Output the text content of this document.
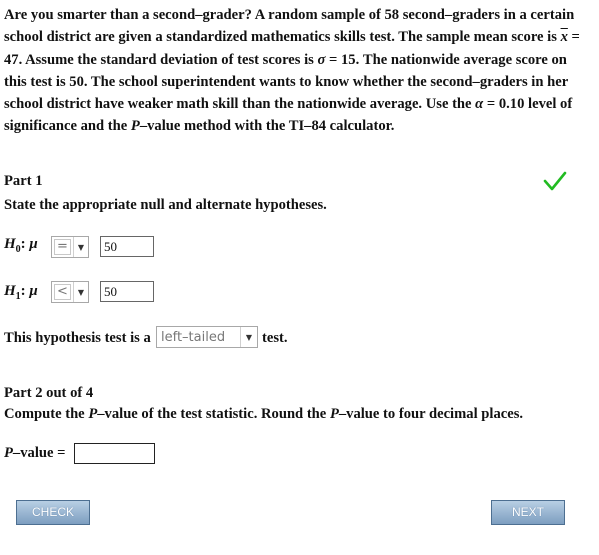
Are you smarter than a second–grader? A random sample of 58 second–graders in a certain school district are given a standardized mathematics skills test. The sample mean score is $\overline{x} = 47$. Assume the standard deviation of test scores is σ = 15. The nationwide average score on this test is 50. The school superintendent wants to know whether the second–graders in her school district have weaker math skill than the nationwide average. Use the α = 0.10 level of significance and the P–value method with the TI–84 calculator.
Part 1
State the appropriate null and alternate hypotheses.
$H_0$: μ =	▼	50
$H_1$: μ <	▼	50
This hypothesis test is a left–tailed	▼ test.
Part 2 out of 4
Compute the P–value of the test statistic. Round the P–value to four decimal places.
P–value =
CHECK	NEXT
